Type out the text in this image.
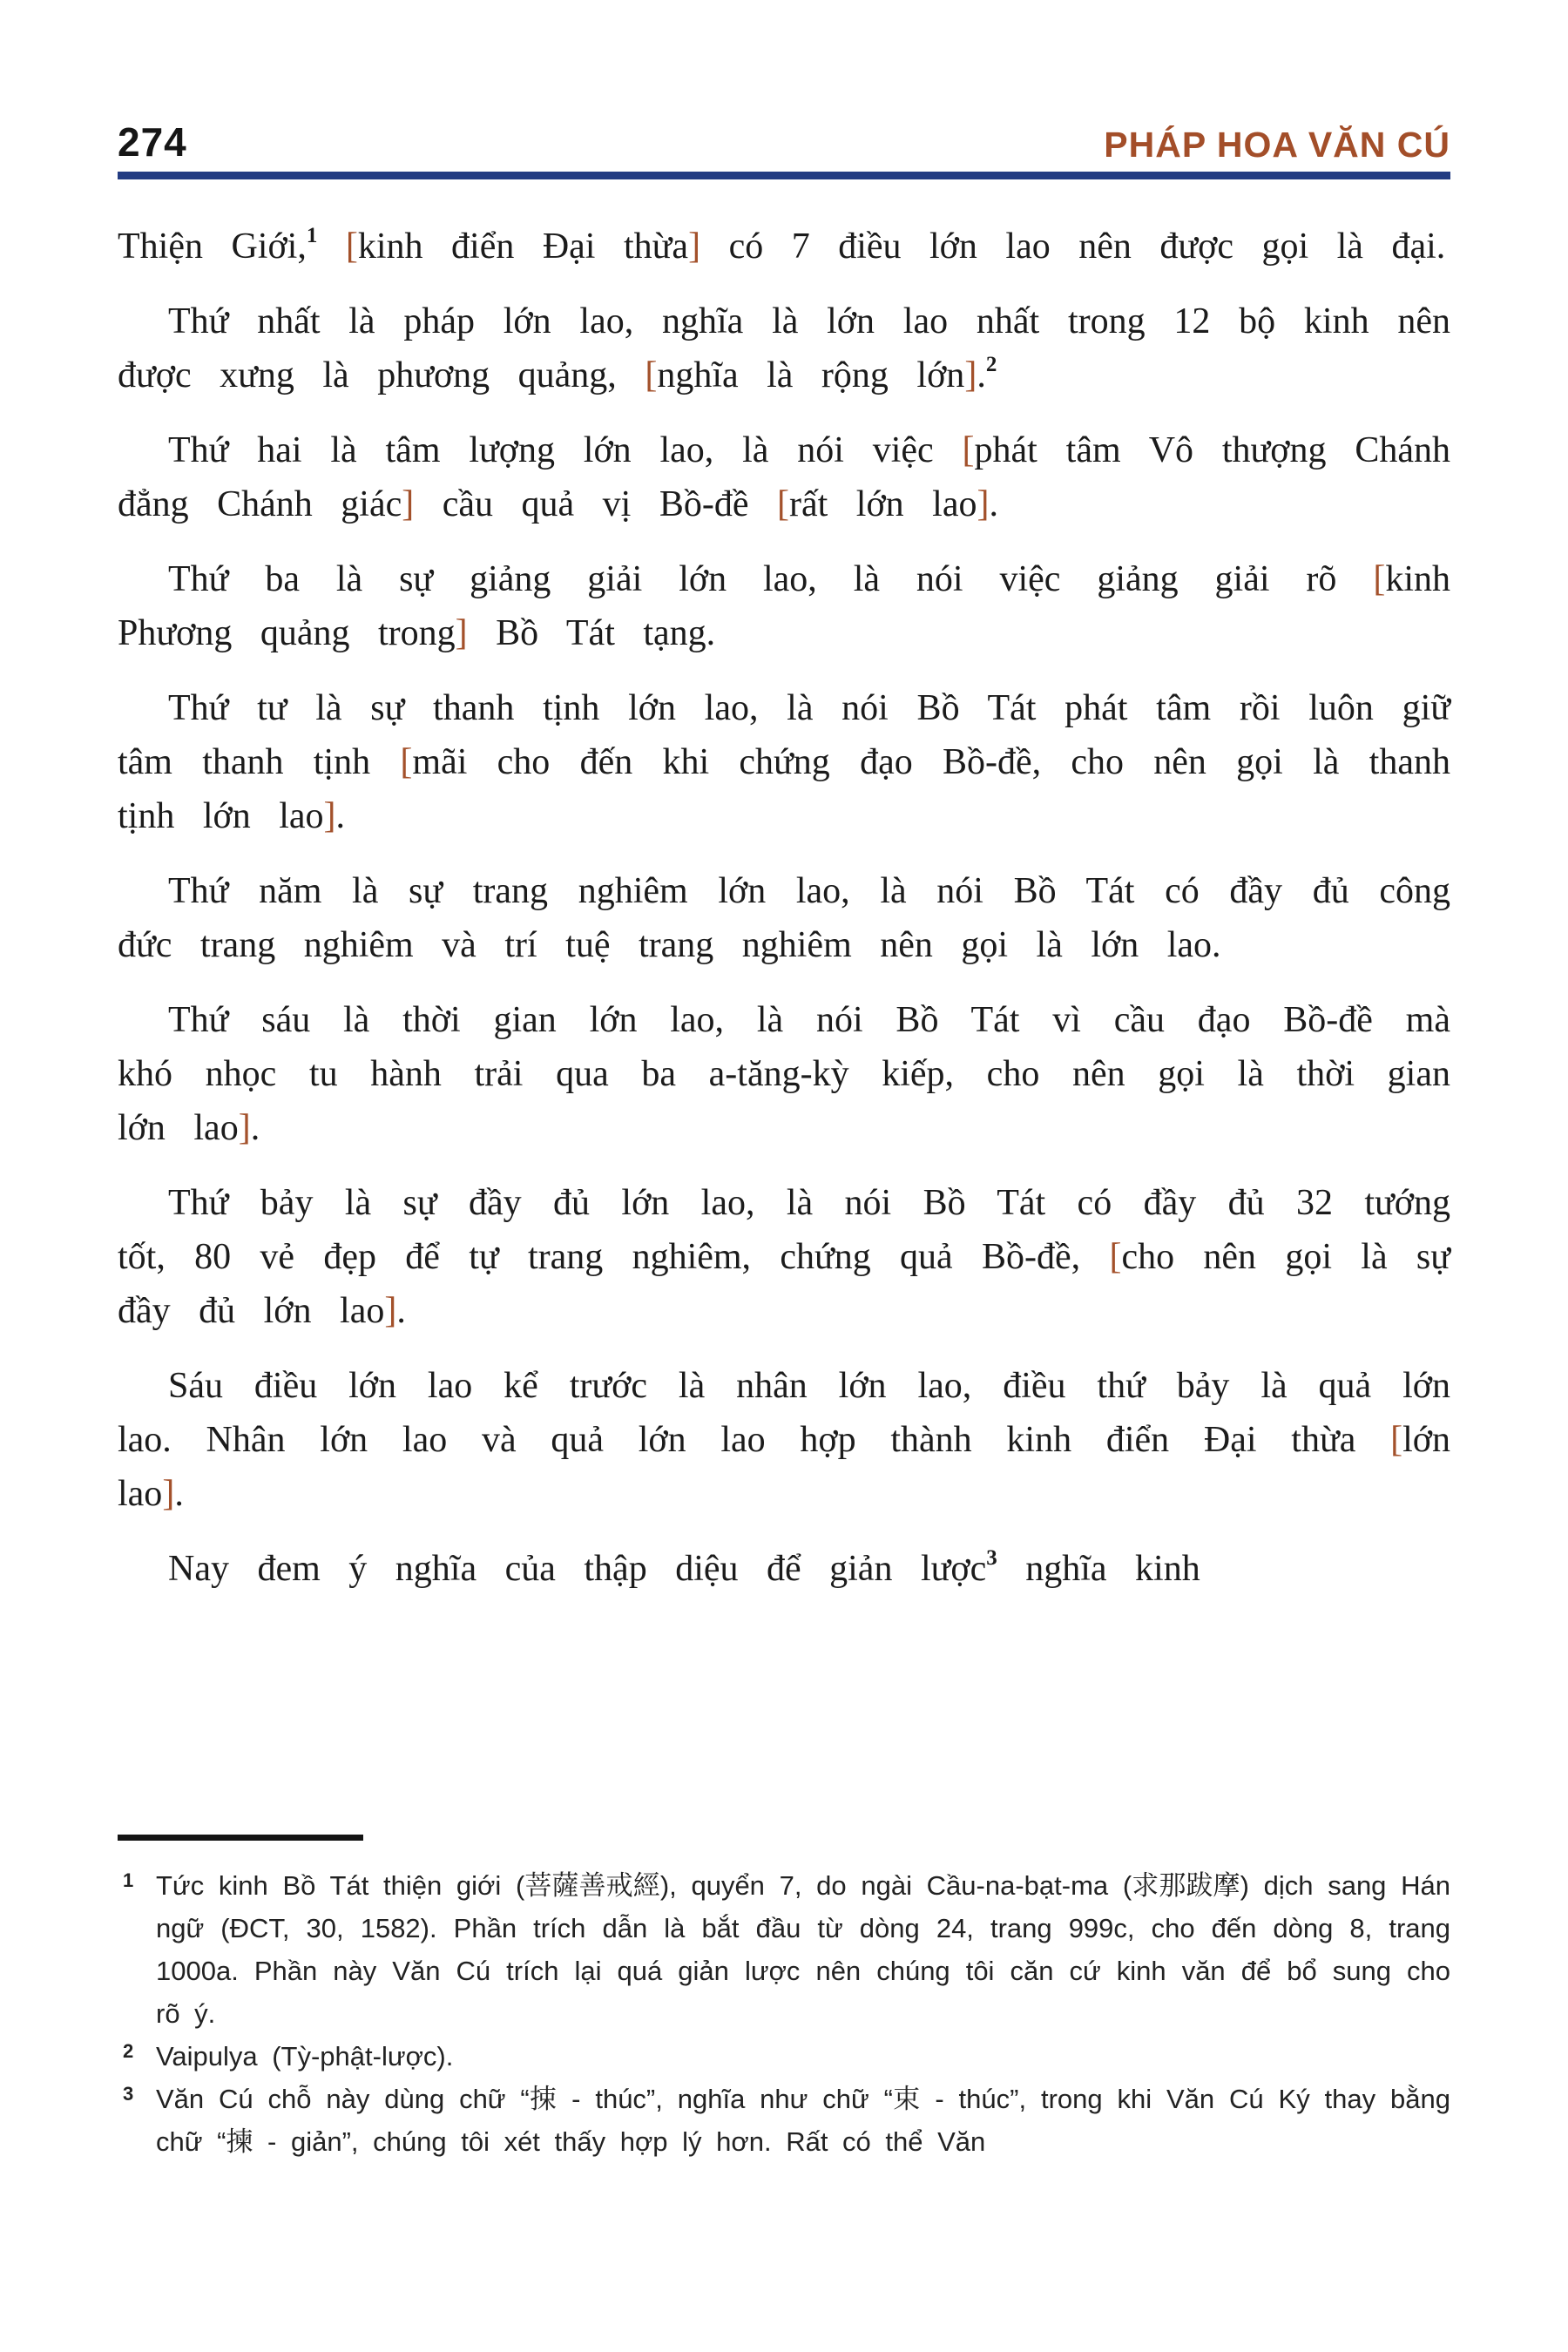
274	PHÁP HOA VĂN CÚ

Thiện Giới,$^1$ [kinh điển Đại thừa] có 7 điều lớn lao nên được gọi là đại.

Thứ nhất là pháp lớn lao, nghĩa là lớn lao nhất trong 12 bộ kinh nên được xưng là phương quảng, [nghĩa là rộng lớn].$^2$

Thứ hai là tâm lượng lớn lao, là nói việc [phát tâm Vô thượng Chánh đẳng Chánh giác] cầu quả vị Bồ-đề [rất lớn lao].

Thứ ba là sự giảng giải lớn lao, là nói việc giảng giải rõ [kinh Phương quảng trong] Bồ Tát tạng.

Thứ tư là sự thanh tịnh lớn lao, là nói Bồ Tát phát tâm rồi luôn giữ tâm thanh tịnh [mãi cho đến khi chứng đạo Bồ-đề, cho nên gọi là thanh tịnh lớn lao].

Thứ năm là sự trang nghiêm lớn lao, là nói Bồ Tát có đầy đủ công đức trang nghiêm và trí tuệ trang nghiêm nên gọi là lớn lao.

Thứ sáu là thời gian lớn lao, là nói Bồ Tát vì cầu đạo Bồ-đề mà khó nhọc tu hành trải qua ba a-tăng-kỳ kiếp, cho nên gọi là thời gian lớn lao].

Thứ bảy là sự đầy đủ lớn lao, là nói Bồ Tát có đầy đủ 32 tướng tốt, 80 vẻ đẹp để tự trang nghiêm, chứng quả Bồ-đề, [cho nên gọi là sự đầy đủ lớn lao].

Sáu điều lớn lao kể trước là nhân lớn lao, điều thứ bảy là quả lớn lao. Nhân lớn lao và quả lớn lao hợp thành kinh điển Đại thừa [lớn lao].

Nay đem ý nghĩa của thập diệu để giản lược$^3$ nghĩa kinh

1 Tức kinh Bồ Tát thiện giới (菩薩善戒經), quyển 7, do ngài Cầu-na-bạt-ma (求那跋摩) dịch sang Hán ngữ (ĐCT, 30, 1582). Phần trích dẫn là bắt đầu từ dòng 24, trang 999c, cho đến dòng 8, trang 1000a. Phần này Văn Cú trích lại quá giản lược nên chúng tôi căn cứ kinh văn để bổ sung cho rõ ý.
2 Vaipulya (Tỳ-phật-lược).
3 Văn Cú chỗ này dùng chữ “捒 - thúc”, nghĩa như chữ “束 - thúc”, trong khi Văn Cú Ký thay bằng chữ “揀 - giản”, chúng tôi xét thấy hợp lý hơn. Rất có thể Văn
